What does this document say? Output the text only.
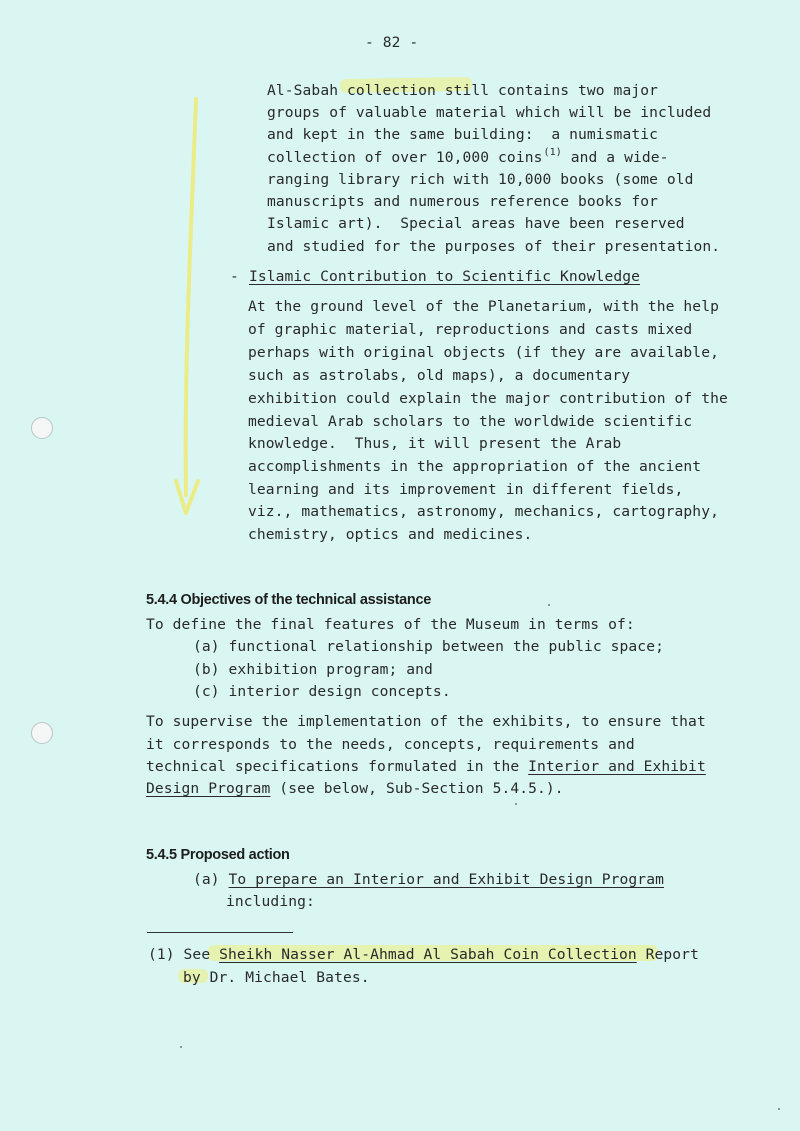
- 82 -
Al-Sabah collection still contains two major
groups of valuable material which will be included
and kept in the same building:  a numismatic
collection of over 10,000 coins$^{(1)}$ and a wide-
ranging library rich with 10,000 books (some old
manuscripts and numerous reference books for
Islamic art).  Special areas have been reserved
and studied for the purposes of their presentation.
- Islamic Contribution to Scientific Knowledge
At the ground level of the Planetarium, with the help
of graphic material, reproductions and casts mixed
perhaps with original objects (if they are available,
such as astrolabs, old maps), a documentary
exhibition could explain the major contribution of the
medieval Arab scholars to the worldwide scientific
knowledge.  Thus, it will present the Arab
accomplishments in the appropriation of the ancient
learning and its improvement in different fields,
viz., mathematics, astronomy, mechanics, cartography,
chemistry, optics and medicines.
5.4.4 Objectives of the technical assistance
To define the final features of the Museum in terms of:
(a) functional relationship between the public space;
(b) exhibition program; and
(c) interior design concepts.
To supervise the implementation of the exhibits, to ensure that
it corresponds to the needs, concepts, requirements and
technical specifications formulated in the Interior and Exhibit
Design Program (see below, Sub-Section 5.4.5.).
5.4.5 Proposed action
(a) To prepare an Interior and Exhibit Design Program
including:
(1) See Sheikh Nasser Al-Ahmad Al Sabah Coin Collection Report
by Dr. Michael Bates.
